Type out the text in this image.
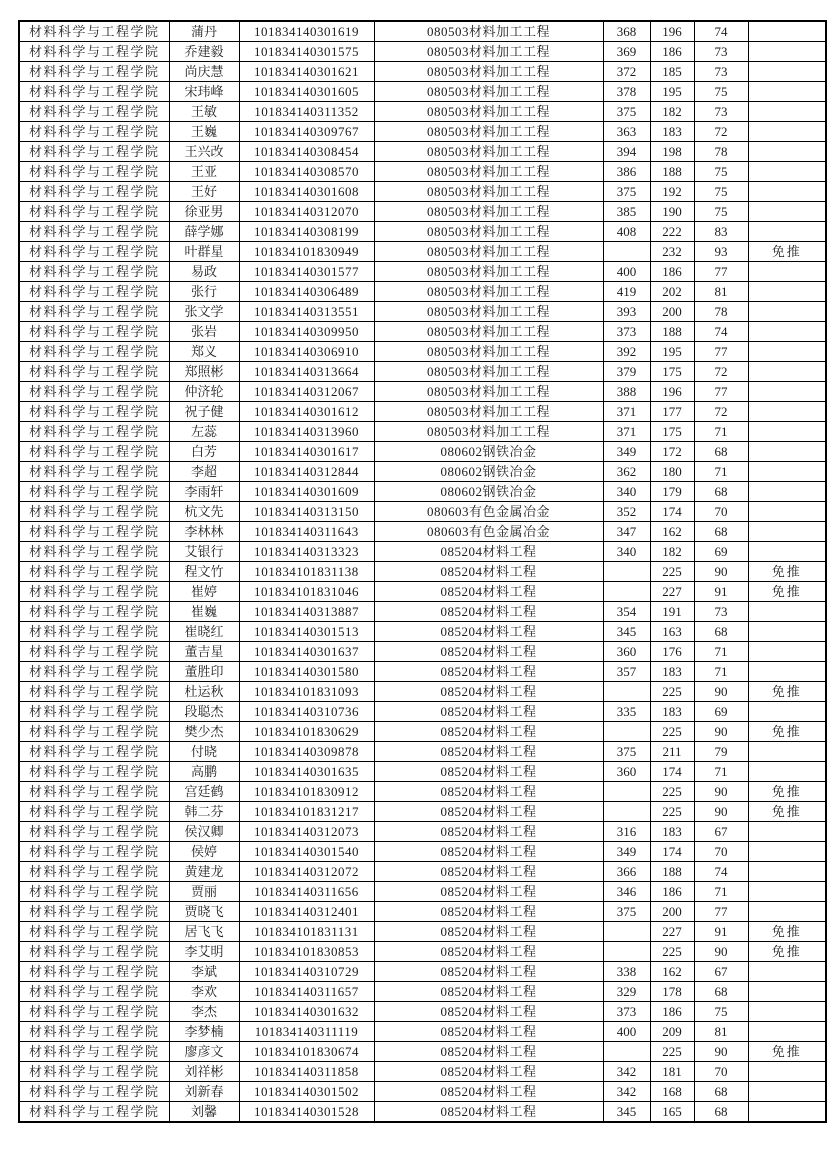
材料科学与工程学院	蒲丹	101834140301619	080503材料加工工程	368	196	74	
材料科学与工程学院	乔建毅	101834140301575	080503材料加工工程	369	186	73	
材料科学与工程学院	尚庆慧	101834140301621	080503材料加工工程	372	185	73	
材料科学与工程学院	宋玮峰	101834140301605	080503材料加工工程	378	195	75	
材料科学与工程学院	王敏	101834140311352	080503材料加工工程	375	182	73	
材料科学与工程学院	王巍	101834140309767	080503材料加工工程	363	183	72	
材料科学与工程学院	王兴改	101834140308454	080503材料加工工程	394	198	78	
材料科学与工程学院	王亚	101834140308570	080503材料加工工程	386	188	75	
材料科学与工程学院	王好	101834140301608	080503材料加工工程	375	192	75	
材料科学与工程学院	徐亚男	101834140312070	080503材料加工工程	385	190	75	
材料科学与工程学院	薛学娜	101834140308199	080503材料加工工程	408	222	83	
材料科学与工程学院	叶群星	101834101830949	080503材料加工工程		232	93	免推
材料科学与工程学院	易政	101834140301577	080503材料加工工程	400	186	77	
材料科学与工程学院	张行	101834140306489	080503材料加工工程	419	202	81	
材料科学与工程学院	张文学	101834140313551	080503材料加工工程	393	200	78	
材料科学与工程学院	张岩	101834140309950	080503材料加工工程	373	188	74	
材料科学与工程学院	郑义	101834140306910	080503材料加工工程	392	195	77	
材料科学与工程学院	郑照彬	101834140313664	080503材料加工工程	379	175	72	
材料科学与工程学院	仲济轮	101834140312067	080503材料加工工程	388	196	77	
材料科学与工程学院	祝子健	101834140301612	080503材料加工工程	371	177	72	
材料科学与工程学院	左蕊	101834140313960	080503材料加工工程	371	175	71	
材料科学与工程学院	白芳	101834140301617	080602钢铁冶金	349	172	68	
材料科学与工程学院	李超	101834140312844	080602钢铁冶金	362	180	71	
材料科学与工程学院	李雨轩	101834140301609	080602钢铁冶金	340	179	68	
材料科学与工程学院	杭文先	101834140313150	080603有色金属冶金	352	174	70	
材料科学与工程学院	李林林	101834140311643	080603有色金属冶金	347	162	68	
材料科学与工程学院	艾银行	101834140313323	085204材料工程	340	182	69	
材料科学与工程学院	程文竹	101834101831138	085204材料工程		225	90	免推
材料科学与工程学院	崔婷	101834101831046	085204材料工程		227	91	免推
材料科学与工程学院	崔巍	101834140313887	085204材料工程	354	191	73	
材料科学与工程学院	崔晓红	101834140301513	085204材料工程	345	163	68	
材料科学与工程学院	董吉星	101834140301637	085204材料工程	360	176	71	
材料科学与工程学院	董胜印	101834140301580	085204材料工程	357	183	71	
材料科学与工程学院	杜运秋	101834101831093	085204材料工程		225	90	免推
材料科学与工程学院	段聪杰	101834140310736	085204材料工程	335	183	69	
材料科学与工程学院	樊少杰	101834101830629	085204材料工程		225	90	免推
材料科学与工程学院	付晓	101834140309878	085204材料工程	375	211	79	
材料科学与工程学院	高鹏	101834140301635	085204材料工程	360	174	71	
材料科学与工程学院	宫廷鹤	101834101830912	085204材料工程		225	90	免推
材料科学与工程学院	韩二芬	101834101831217	085204材料工程		225	90	免推
材料科学与工程学院	侯汉卿	101834140312073	085204材料工程	316	183	67	
材料科学与工程学院	侯婷	101834140301540	085204材料工程	349	174	70	
材料科学与工程学院	黄建龙	101834140312072	085204材料工程	366	188	74	
材料科学与工程学院	贾丽	101834140311656	085204材料工程	346	186	71	
材料科学与工程学院	贾晓飞	101834140312401	085204材料工程	375	200	77	
材料科学与工程学院	居飞飞	101834101831131	085204材料工程		227	91	免推
材料科学与工程学院	李艾明	101834101830853	085204材料工程		225	90	免推
材料科学与工程学院	李斌	101834140310729	085204材料工程	338	162	67	
材料科学与工程学院	李欢	101834140311657	085204材料工程	329	178	68	
材料科学与工程学院	李杰	101834140301632	085204材料工程	373	186	75	
材料科学与工程学院	李梦楠	101834140311119	085204材料工程	400	209	81	
材料科学与工程学院	廖彦文	101834101830674	085204材料工程		225	90	免推
材料科学与工程学院	刘祥彬	101834140311858	085204材料工程	342	181	70	
材料科学与工程学院	刘新春	101834140301502	085204材料工程	342	168	68	
材料科学与工程学院	刘馨	101834140301528	085204材料工程	345	165	68	
